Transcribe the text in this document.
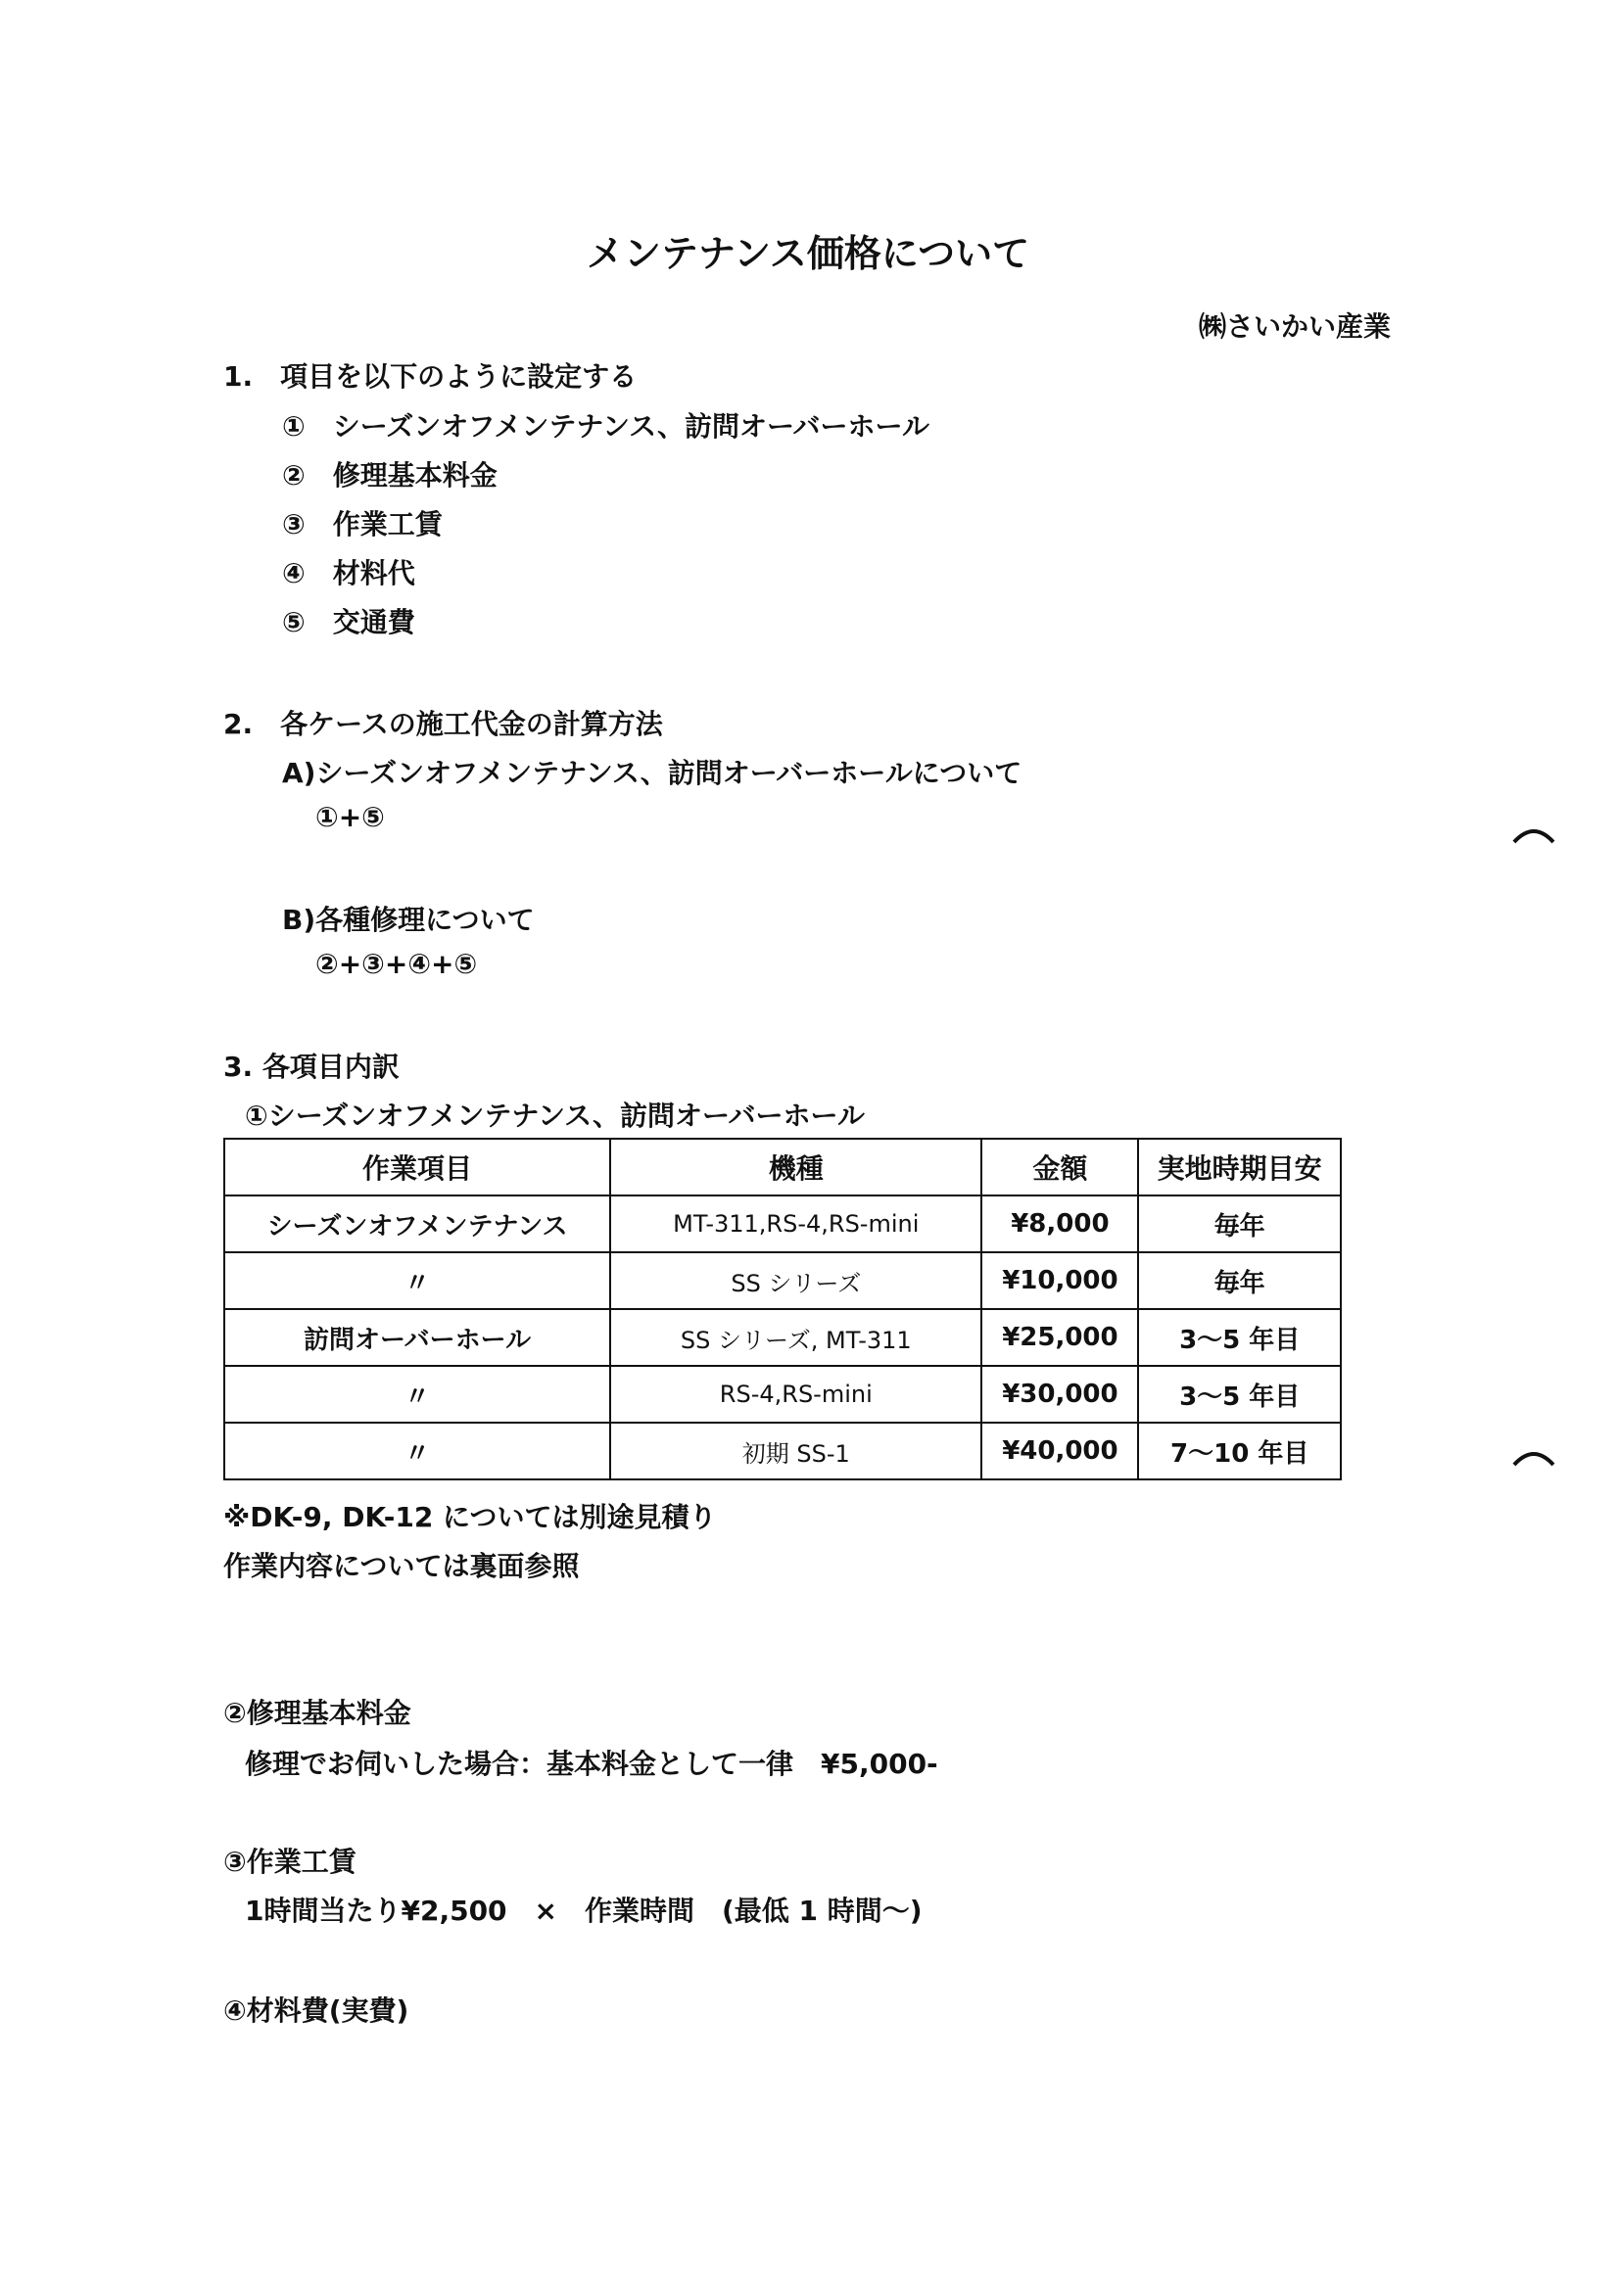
メンテナンス価格について
㈱さいかい産業
1.　項目を以下のように設定する
①　シーズンオフメンテナンス、訪問オーバーホール
②　修理基本料金
③　作業工賃
④　材料代
⑤　交通費
2.　各ケースの施工代金の計算方法
A)シーズンオフメンテナンス、訪問オーバーホールについて
①+⑤
B)各種修理について
②+③+④+⑤
3. 各項目内訳
①シーズンオフメンテナンス、訪問オーバーホール
作業項目	機種	金額	実地時期目安
シーズンオフメンテナンス	MT-311,RS-4,RS-mini	¥8,000	毎年
〃	SS シリーズ	¥10,000	毎年
訪問オーバーホール	SS シリーズ, MT-311	¥25,000	3～5 年目
〃	RS-4,RS-mini	¥30,000	3～5 年目
〃	初期 SS-1	¥40,000	7～10 年目
※DK-9, DK-12 については別途見積り
作業内容については裏面参照
②修理基本料金
修理でお伺いした場合：基本料金として一律　¥5,000-
③作業工賃
1時間当たり¥2,500　×　作業時間　(最低 1 時間～)
④材料費(実費)
